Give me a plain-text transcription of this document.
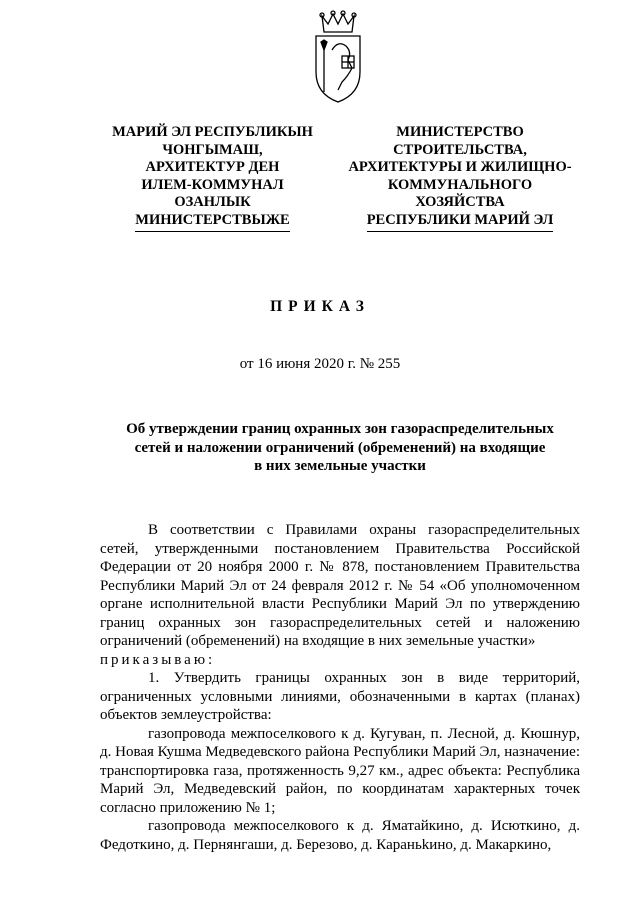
МАРИЙ ЭЛ РЕСПУБЛИКЫН
ЧОНГЫМАШ,
АРХИТЕКТУР ДЕН
ИЛЕМ-КОММУНАЛ
ОЗАНЛЫК
МИНИСТЕРСТВЫЖЕ
МИНИСТЕРСТВО
СТРОИТЕЛЬСТВА,
АРХИТЕКТУРЫ И ЖИЛИЩНО-
КОММУНАЛЬНОГО
ХОЗЯЙСТВА
РЕСПУБЛИКИ МАРИЙ ЭЛ
ПРИКАЗ
от 16 июня 2020 г. № 255
Об утверждении границ охранных зон газораспределительных
сетей и наложении ограничений (обременений) на входящие
в них земельные участки

В соответствии с Правилами охраны газораспределительных сетей, утвержденными постановлением Правительства Российской Федерации от 20 ноября 2000 г. № 878, постановлением Правительства Республики Марий Эл от 24 февраля 2012 г. № 54 «Об уполномоченном органе исполнительной власти Республики Марий Эл по утверждению границ охранных зон газораспределительных сетей и наложению ограничений (обременений) на входящие в них земельные участки»

приказываю:

1. Утвердить границы охранных зон в виде территорий, ограниченных условными линиями, обозначенными в картах (планах) объектов землеустройства:

газопровода межпоселкового к д. Кугуван, п. Лесной, д. Кюшнур, д. Новая Кушма Медведевского района Республики Марий Эл, назначение: транспортировка газа, протяженность 9,27 км., адрес объекта: Республика Марий Эл, Медведевский район, по координатам характерных точек согласно приложению № 1;

газопровода межпоселкового к д. Яматайкино, д. Исюткино, д. Федоткино, д. Пернянгаши, д. Березово, д. Караньkино, д. Макаркино,
